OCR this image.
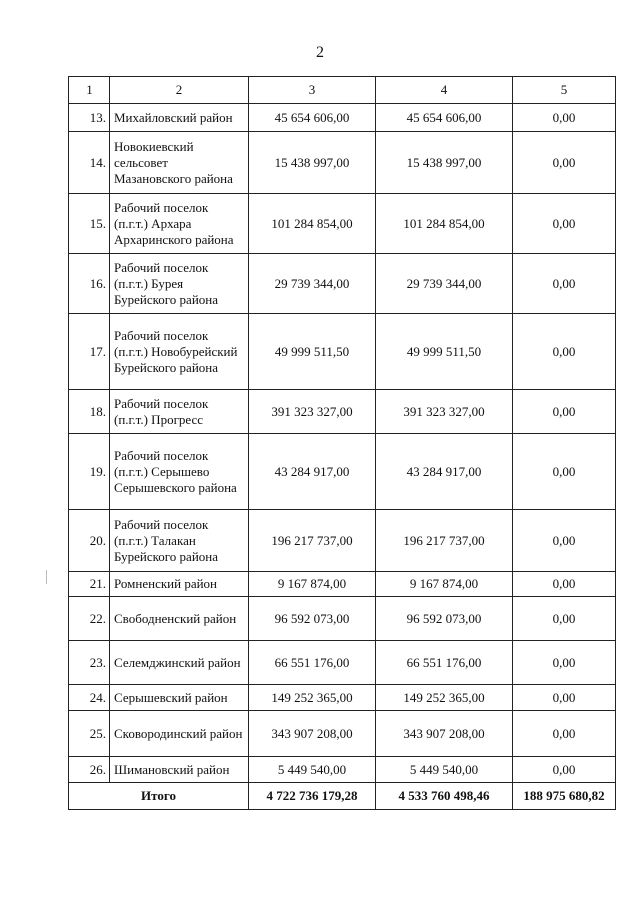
2
1	2	3	4	5
13.	Михайловский район	45 654 606,00	45 654 606,00	0,00
14.	Новокиевский сельсовет Мазановского района	15 438 997,00	15 438 997,00	0,00
15.	Рабочий поселок (п.г.т.) Архара Архаринского района	101 284 854,00	101 284 854,00	0,00
16.	Рабочий поселок (п.г.т.) Бурея Бурейского района	29 739 344,00	29 739 344,00	0,00
17.	Рабочий поселок (п.г.т.) Новобурейский Бурейского района	49 999 511,50	49 999 511,50	0,00
18.	Рабочий поселок (п.г.т.) Прогресс	391 323 327,00	391 323 327,00	0,00
19.	Рабочий поселок (п.г.т.) Серышево Серышевского района	43 284 917,00	43 284 917,00	0,00
20.	Рабочий поселок (п.г.т.) Талакан Бурейского района	196 217 737,00	196 217 737,00	0,00
21.	Ромненский район	9 167 874,00	9 167 874,00	0,00
22.	Свободненский район	96 592 073,00	96 592 073,00	0,00
23.	Селемджинский район	66 551 176,00	66 551 176,00	0,00
24.	Серышевский район	149 252 365,00	149 252 365,00	0,00
25.	Сковородинский район	343 907 208,00	343 907 208,00	0,00
26.	Шимановский район	5 449 540,00	5 449 540,00	0,00
Итого		4 722 736 179,28	4 533 760 498,46	188 975 680,82
